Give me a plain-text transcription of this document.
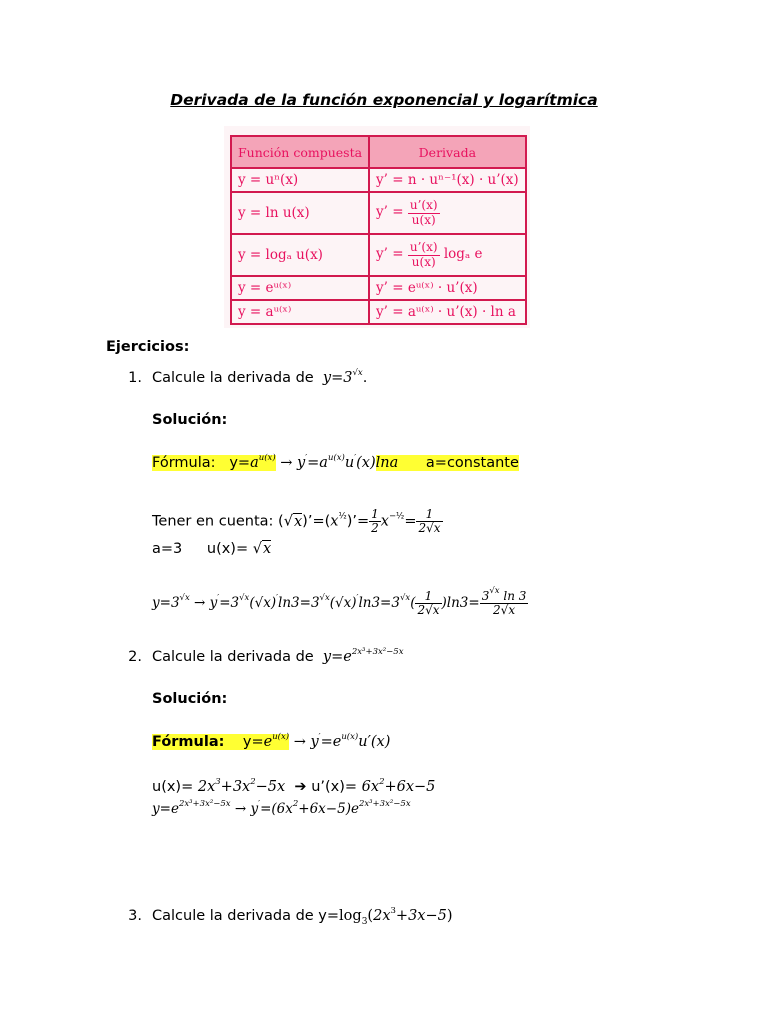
Derivada de la función exponencial y logarítmica
Función compuesta	Derivada
y = uⁿ(x)	y’ = n · uⁿ⁻¹(x) · u’(x)
y = ln u(x)	y’ = $\frac{u’(x)}{u(x)}$

y = logₐ u(x)	y’ = $\frac{u’(x)}{u(x)}$ logₐ e
y = eᵘ⁽ˣ⁾	y’ = eᵘ⁽ˣ⁾ · u’(x)
y = aᵘ⁽ˣ⁾	y’ = aᵘ⁽ˣ⁾ · u’(x) · ln a
Ejercicios:
1. Calcule la derivada de  $y=3^{√x}$.
Solución:
Fórmula:   $y=a^{u(x)} \to y'=a^{u(x)}u'(x)\ln a$      a=constante
Tener en cuenta: $(√x)’=(x^{\frac{1}{2}})’= \frac{1}{2} x^{-\frac{1}{2}}= \frac{1}{2√x}$
a=3 u(x)= √x
$y=3^{√x} \to y'=3^{√x}(√x)'\ln 3=3^{√x}(√x)'\ln 3=3^{√x}( \frac{1}{2√x} )\ln 3= \frac{3^{√x} \ln 3}{2√x}$
2. Calcule la derivada de  $y=e^{2x^3+3x^2-5x}$
Solución:
Fórmula:    $y=e^{u(x)} \to y'=e^{u(x)}u'(x)$
$u(x)= 2x^3+3x^2-5x$  ➔ u’(x)= $6x^2+6x-5$
$y=e^{2x^3+3x^2-5x} \to y'=(6x^2+6x-5)e^{2x^3+3x^2-5x}$
3. Calcule la derivada de $y=\log_3(2x^3+3x-5)$
